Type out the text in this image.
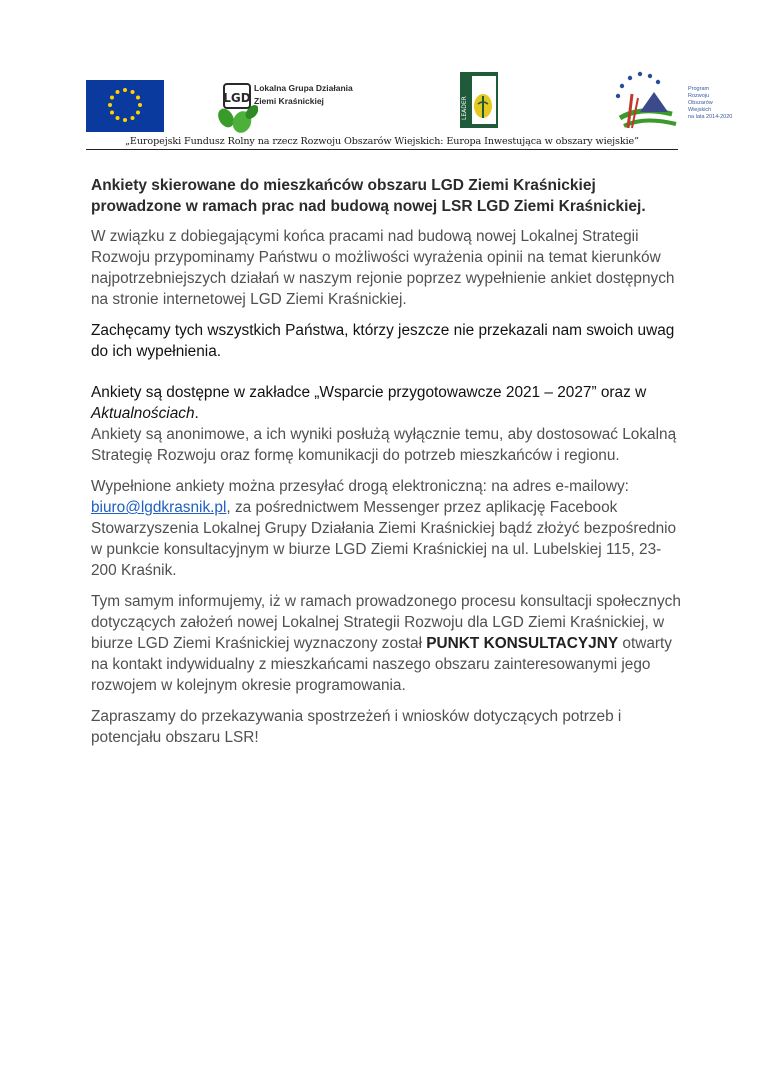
LGD
Lokalna Grupa Działania
Ziemi Kraśnickiej	LEADER
Program
Rozwoju
Obszarów
Wiejskich
na lata 2014-2020
„Europejski Fundusz Rolny na rzecz Rozwoju Obszarów Wiejskich: Europa Inwestująca w obszary wiejskie”
Ankiety skierowane do mieszkańców obszaru LGD Ziemi Kraśnickiej prowadzone w ramach prac nad budową nowej LSR LGD Ziemi Kraśnickiej.

W związku z dobiegającymi końca pracami nad budową nowej Lokalnej Strategii Rozwoju przypominamy Państwu o możliwości wyrażenia opinii na temat kierunków najpotrzebniejszych działań w naszym rejonie poprzez wypełnienie ankiet dostępnych na stronie internetowej LGD Ziemi Kraśnickiej.

Zachęcamy tych wszystkich Państwa, którzy jeszcze nie przekazali nam swoich uwag do ich wypełnienia.

Ankiety są dostępne w zakładce „Wsparcie przygotowawcze 2021 – 2027” oraz w Aktualnościach.

Ankiety są anonimowe, a ich wyniki posłużą wyłącznie temu, aby dostosować Lokalną Strategię Rozwoju oraz formę komunikacji do potrzeb mieszkańców i regionu.

Wypełnione ankiety można przesyłać drogą elektroniczną: na adres e-mailowy: biuro@lgdkrasnik.pl, za pośrednictwem Messenger przez aplikację Facebook Stowarzyszenia Lokalnej Grupy Działania Ziemi Kraśnickiej bądź złożyć bezpośrednio w punkcie konsultacyjnym w biurze LGD Ziemi Kraśnickiej na ul. Lubelskiej 115, 23-200 Kraśnik.

Tym samym informujemy, iż w ramach prowadzonego procesu konsultacji społecznych dotyczących założeń nowej Lokalnej Strategii Rozwoju dla LGD Ziemi Kraśnickiej, w biurze LGD Ziemi Kraśnickiej wyznaczony został PUNKT KONSULTACYJNY otwarty na kontakt indywidualny z mieszkańcami naszego obszaru zainteresowanymi jego rozwojem w kolejnym okresie programowania.

Zapraszamy do przekazywania spostrzeżeń i wniosków dotyczących potrzeb i potencjału obszaru LSR!
